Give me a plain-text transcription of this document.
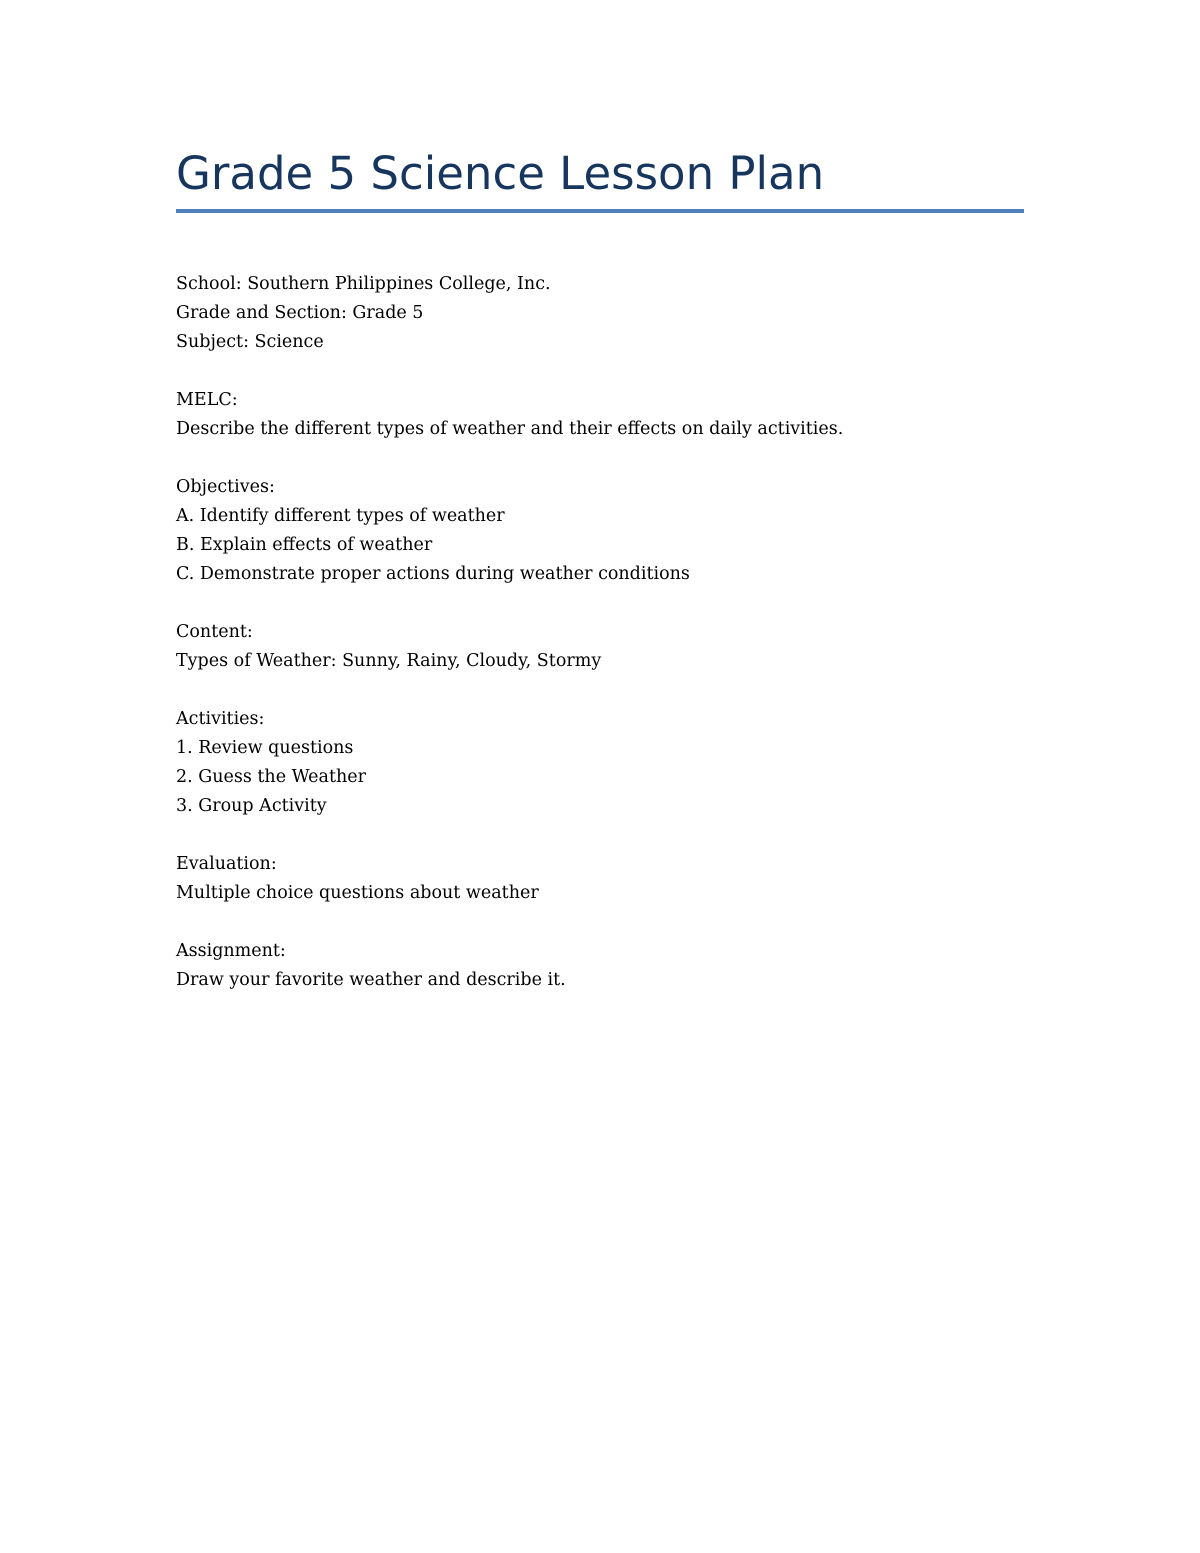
Grade 5 Science Lesson Plan
School: Southern Philippines College, Inc.
Grade and Section: Grade 5
Subject: Science
MELC:
Describe the different types of weather and their effects on daily activities.
Objectives:
A. Identify different types of weather
B. Explain effects of weather
C. Demonstrate proper actions during weather conditions
Content:
Types of Weather: Sunny, Rainy, Cloudy, Stormy
Activities:
1. Review questions
2. Guess the Weather
3. Group Activity
Evaluation:
Multiple choice questions about weather
Assignment:
Draw your favorite weather and describe it.
